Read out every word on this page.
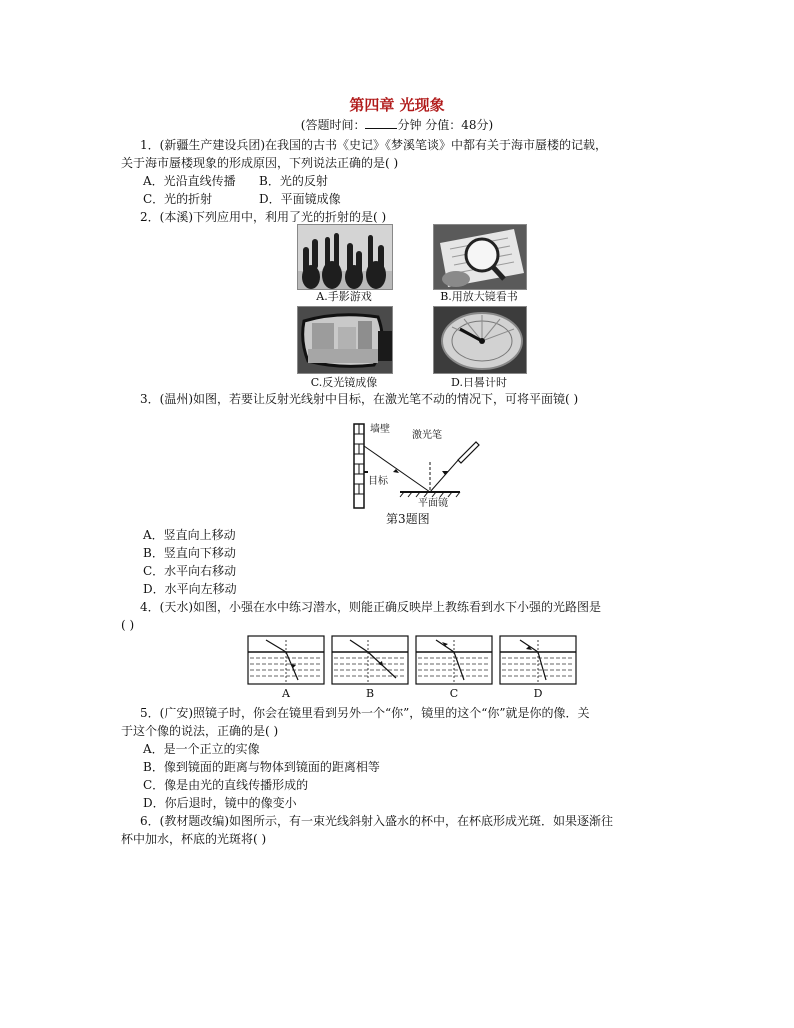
第四章 光现象
(答题时间：	分钟 分值：48分)
1．(新疆生产建设兵团)在我国的古书《史记》《梦溪笔谈》中都有关于海市蜃楼的记载，
关于海市蜃楼现象的形成原因，下列说法正确的是( )
A．光沿直线传播 B．光的反射
C．光的折射	D．平面镜成像
2．(本溪)下列应用中，利用了光的折射的是( )
A.手影游戏	B.用放大镜看书
C.反光镜成像	D.日晷计时
3．(温州)如图，若要让反射光线射中目标，在激光笔不动的情况下，可将平面镜( )
墙壁
激光笔
目标
平面镜
第3题图
A．竖直向上移动
B．竖直向下移动
C．水平向右移动
D．水平向左移动
4．(天水)如图，小强在水中练习潜水，则能正确反映岸上教练看到水下小强的光路图是
( )
A	B	C	D
5．(广安)照镜子时，你会在镜里看到另外一个“你”，镜里的这个“你”就是你的像．关
于这个像的说法，正确的是( )
A．是一个正立的实像
B．像到镜面的距离与物体到镜面的距离相等
C．像是由光的直线传播形成的
D．你后退时，镜中的像变小
6．(教材题改编)如图所示，有一束光线斜射入盛水的杯中，在杯底形成光斑．如果逐渐往
杯中加水，杯底的光斑将( )
